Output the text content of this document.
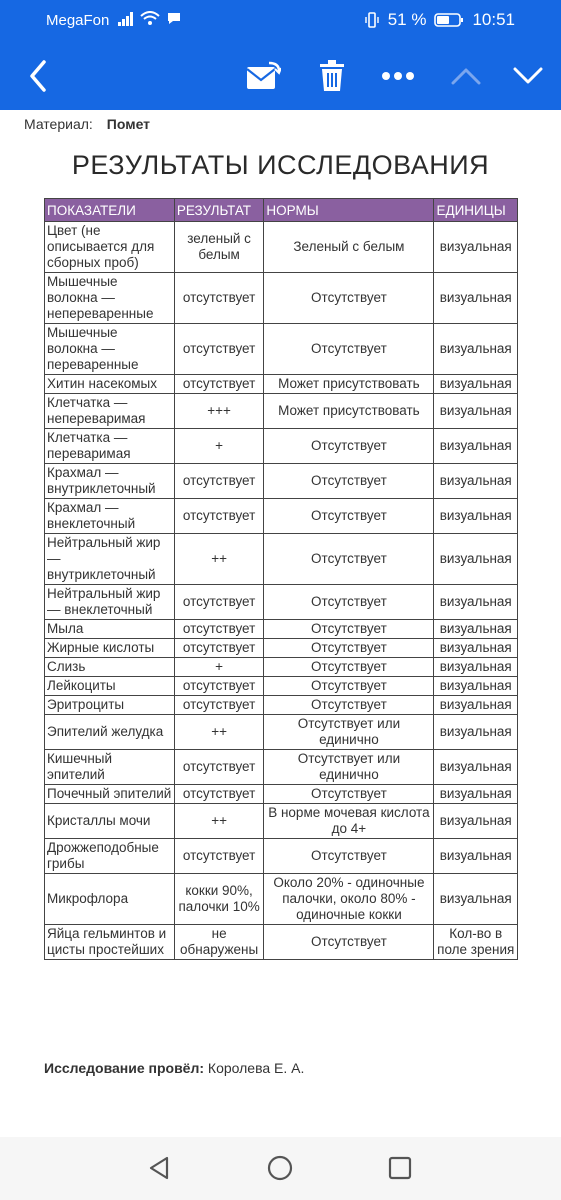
MegaFon	51 %	10:51
Материал: Помет
РЕЗУЛЬТАТЫ ИССЛЕДОВАНИЯ
ПОКАЗАТЕЛИ	РЕЗУЛЬТАТ	НОРМЫ	ЕДИНИЦЫ
Цвет (не описывается для сборных проб)	зеленый с белым	Зеленый с белым	визуальная
Мышечные волокна — непереваренные	отсутствует	Отсутствует	визуальная
Мышечные волокна — переваренные	отсутствует	Отсутствует	визуальная
Хитин насекомых	отсутствует	Может присутствовать	визуальная
Клетчатка — непереваримая	+++	Может присутствовать	визуальная
Клетчатка — переваримая	+	Отсутствует	визуальная
Крахмал — внутриклеточный	отсутствует	Отсутствует	визуальная
Крахмал — внеклеточный	отсутствует	Отсутствует	визуальная
Нейтральный жир — внутриклеточный	++	Отсутствует	визуальная
Нейтральный жир — внеклеточный	отсутствует	Отсутствует	визуальная
Мыла	отсутствует	Отсутствует	визуальная
Жирные кислоты	отсутствует	Отсутствует	визуальная
Слизь	+	Отсутствует	визуальная
Лейкоциты	отсутствует	Отсутствует	визуальная
Эритроциты	отсутствует	Отсутствует	визуальная
Эпителий желудка	++	Отсутствует или единично	визуальная
Кишечный эпителий	отсутствует	Отсутствует или единично	визуальная
Почечный эпителий	отсутствует	Отсутствует	визуальная
Кристаллы мочи	++	В норме мочевая кислота до 4+	визуальная
Дрожжеподобные грибы	отсутствует	Отсутствует	визуальная
Микрофлора	кокки 90%, палочки 10%	Около 20% - одиночные палочки, около 80% - одиночные кокки	визуальная
Яйца гельминтов и цисты простейших	не обнаружены	Отсутствует	Кол-во в поле зрения
Исследование провёл: Королева Е. А.
